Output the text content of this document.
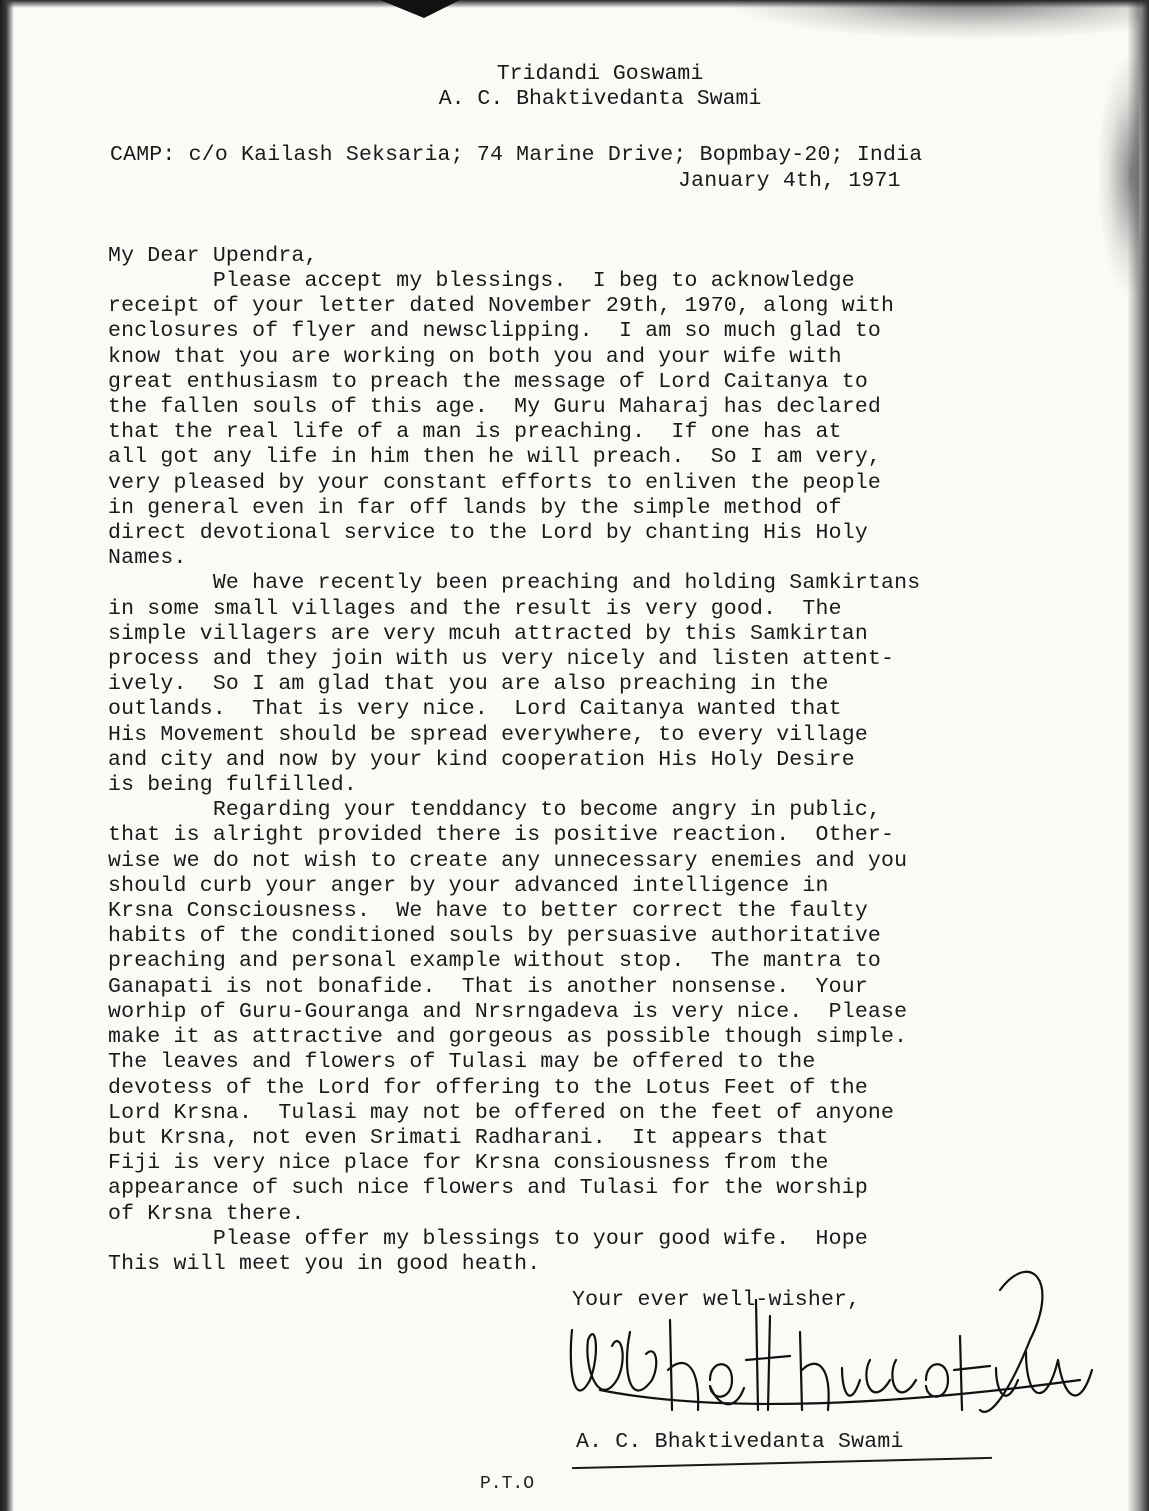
Tridandi Goswami
A. C. Bhaktivedanta Swami

CAMP: c/o Kailash Seksaria; 74 Marine Drive; Bopmbay-20; India

January 4th, 1971

My Dear Upendra,

Please accept my blessings.  I beg to acknowledge
receipt of your letter dated November 29th, 1970, along with
enclosures of flyer and newsclipping.  I am so much glad to
know that you are working on both you and your wife with
great enthusiasm to preach the message of Lord Caitanya to
the fallen souls of this age.  My Guru Maharaj has declared
that the real life of a man is preaching.  If one has at
all got any life in him then he will preach.  So I am very,
very pleased by your constant efforts to enliven the people
in general even in far off lands by the simple method of
direct devotional service to the Lord by chanting His Holy
Names.
We have recently been preaching and holding Samkirtans
in some small villages and the result is very good.  The
simple villagers are very mcuh attracted by this Samkirtan
process and they join with us very nicely and listen attent-
ively.  So I am glad that you are also preaching in the
outlands.  That is very nice.  Lord Caitanya wanted that
His Movement should be spread everywhere, to every village
and city and now by your kind cooperation His Holy Desire
is being fulfilled.
Regarding your tenddancy to become angry in public,
that is alright provided there is positive reaction.  Other-
wise we do not wish to create any unnecessary enemies and you
should curb your anger by your advanced intelligence in
Krsna Consciousness.  We have to better correct the faulty
habits of the conditioned souls by persuasive authoritative
preaching and personal example without stop.  The mantra to
Ganapati is not bonafide.  That is another nonsense.  Your
worhip of Guru-Gouranga and Nrsrngadeva is very nice.  Please
make it as attractive and gorgeous as possible though simple.
The leaves and flowers of Tulasi may be offered to the
devotess of the Lord for offering to the Lotus Feet of the
Lord Krsna.  Tulasi may not be offered on the feet of anyone
but Krsna, not even Srimati Radharani.  It appears that
Fiji is very nice place for Krsna consiousness from the
appearance of such nice flowers and Tulasi for the worship
of Krsna there.
Please offer my blessings to your good wife.  Hope
This will meet you in good heath.

Your ever well-wisher,

A. C. Bhaktivedanta Swami

P.T.O
